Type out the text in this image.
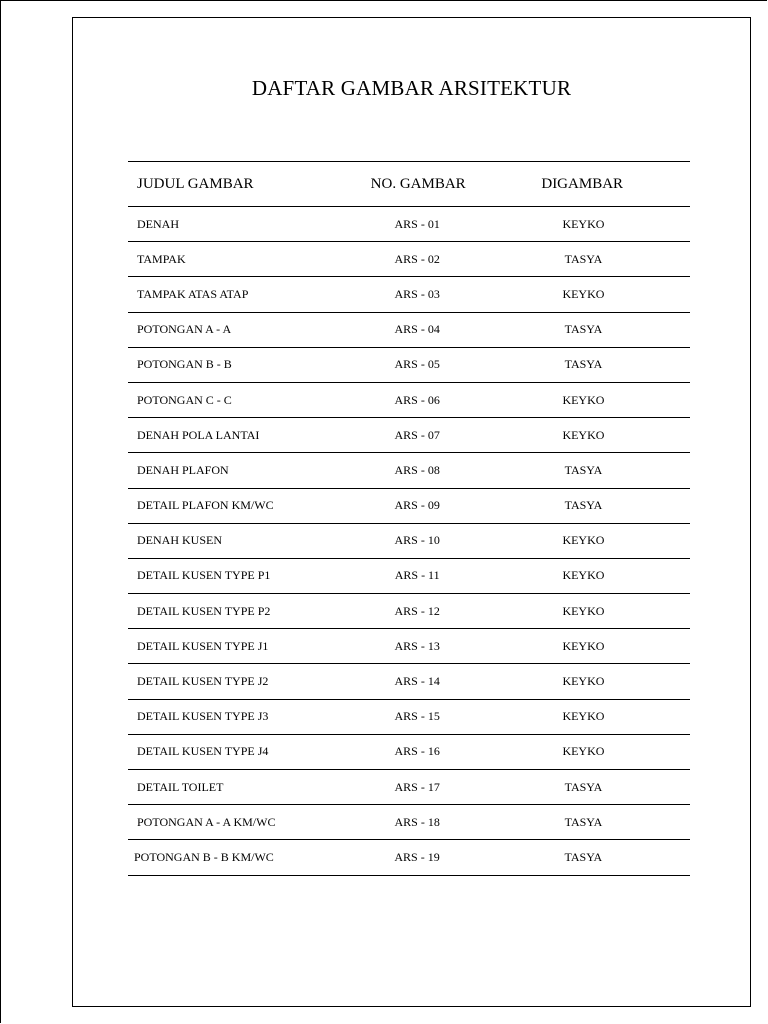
DAFTAR GAMBAR ARSITEKTUR
JUDUL GAMBAR	NO. GAMBAR	DIGAMBAR
DENAH	ARS - 01	KEYKO
TAMPAK	ARS - 02	TASYA
TAMPAK ATAS ATAP	ARS - 03	KEYKO
POTONGAN A - A	ARS - 04	TASYA
POTONGAN B - B	ARS - 05	TASYA
POTONGAN C - C	ARS - 06	KEYKO
DENAH POLA LANTAI	ARS - 07	KEYKO
DENAH PLAFON	ARS - 08	TASYA
DETAIL PLAFON KM/WC	ARS - 09	TASYA
DENAH KUSEN	ARS - 10	KEYKO
DETAIL KUSEN TYPE P1	ARS - 11	KEYKO
DETAIL KUSEN TYPE P2	ARS - 12	KEYKO
DETAIL KUSEN TYPE J1	ARS - 13	KEYKO
DETAIL KUSEN TYPE J2	ARS - 14	KEYKO
DETAIL KUSEN TYPE J3	ARS - 15	KEYKO
DETAIL KUSEN TYPE J4	ARS - 16	KEYKO
DETAIL TOILET	ARS - 17	TASYA
POTONGAN A - A KM/WC	ARS - 18	TASYA
POTONGAN B - B KM/WC	ARS - 19	TASYA
